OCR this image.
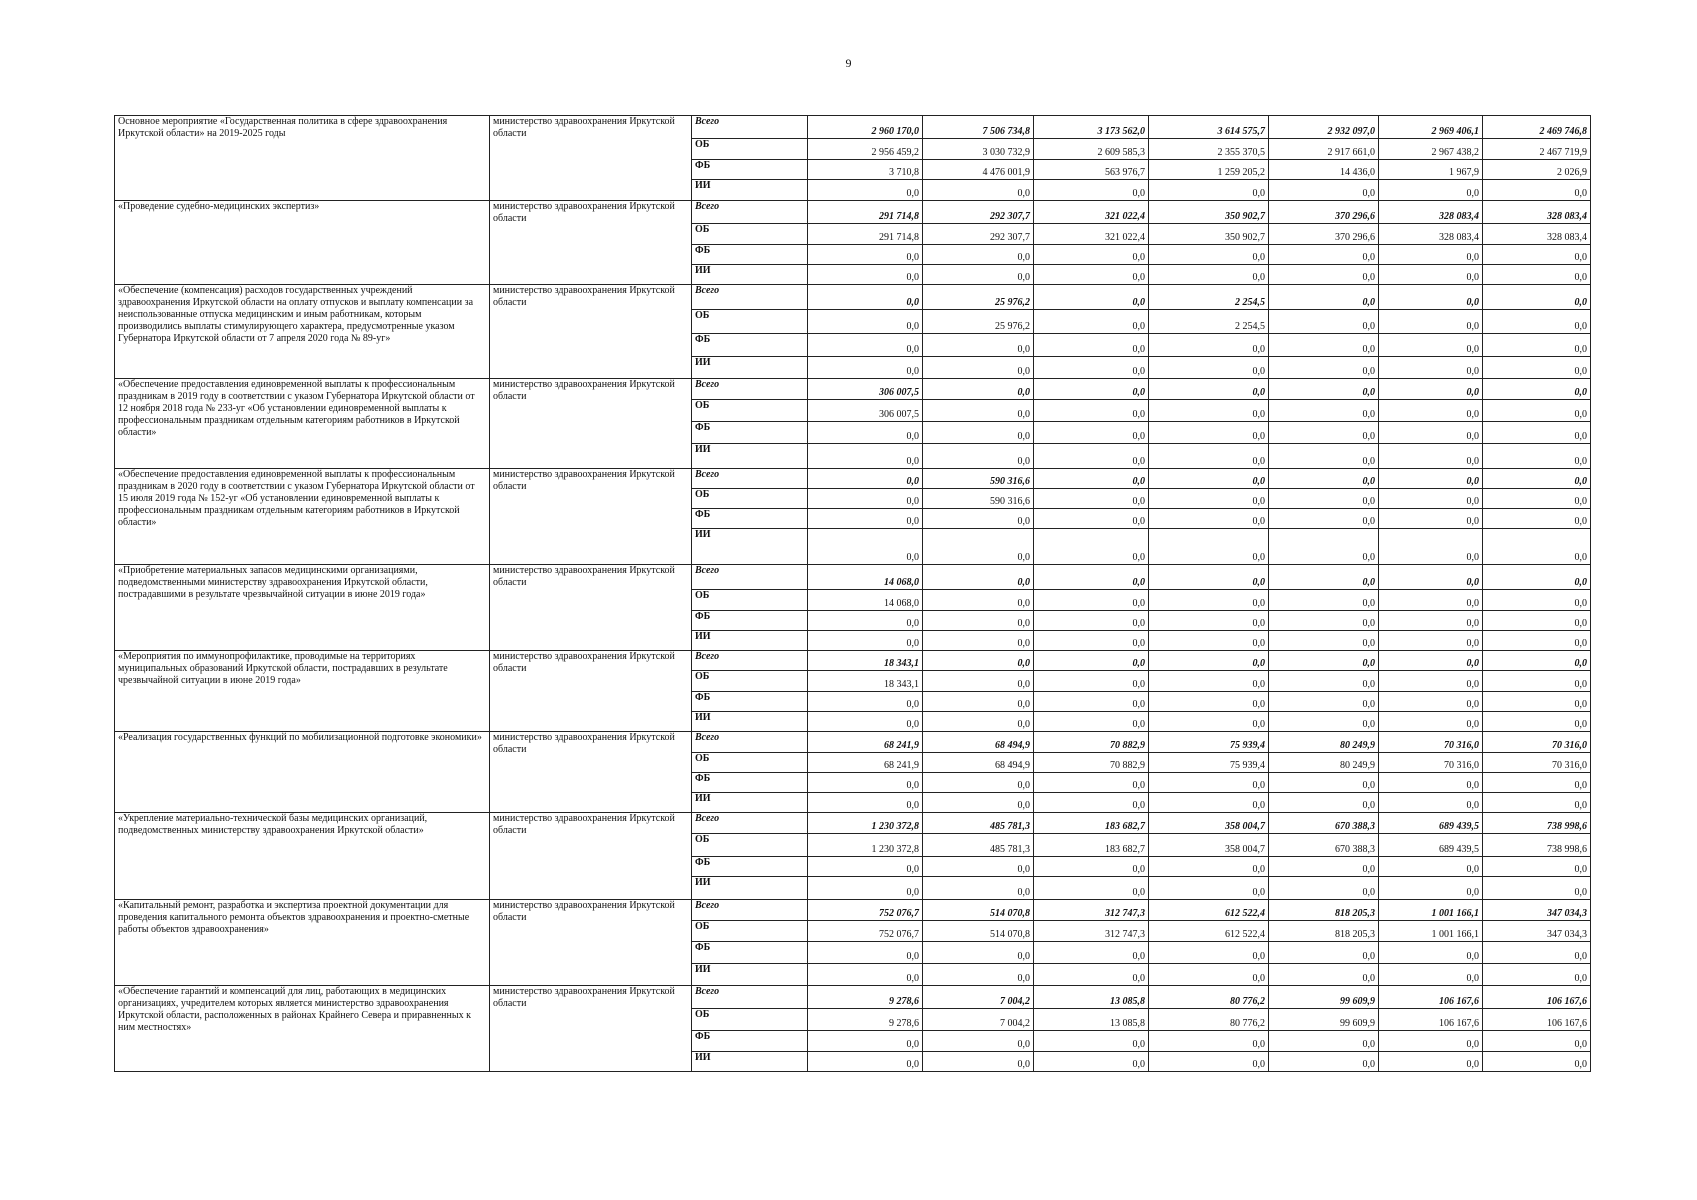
9
Основное мероприятие «Государственная политика в сфере здравоохранения Иркутской области» на 2019-2025 годы	министерство здравоохранения Иркутской области	Всего	2 960 170,0	7 506 734,8	3 173 562,0	3 614 575,7	2 932 097,0	2 969 406,1	2 469 746,8
		ОБ	2 956 459,2	3 030 732,9	2 609 585,3	2 355 370,5	2 917 661,0	2 967 438,2	2 467 719,9
		ФБ	3 710,8	4 476 001,9	563 976,7	1 259 205,2	14 436,0	1 967,9	2 026,9
		ИИ	0,0	0,0	0,0	0,0	0,0	0,0	0,0
«Проведение судебно-медицинских экспертиз»	министерство здравоохранения Иркутской области	Всего	291 714,8	292 307,7	321 022,4	350 902,7	370 296,6	328 083,4	328 083,4
		ОБ	291 714,8	292 307,7	321 022,4	350 902,7	370 296,6	328 083,4	328 083,4
		ФБ	0,0	0,0	0,0	0,0	0,0	0,0	0,0
		ИИ	0,0	0,0	0,0	0,0	0,0	0,0	0,0
«Обеспечение (компенсация) расходов государственных учреждений здравоохранения Иркутской области на оплату отпусков и выплату компенсации за неиспользованные отпуска медицинским и иным работникам, которым производились выплаты стимулирующего характера, предусмотренные указом Губернатора Иркутской области от 7 апреля 2020 года № 89-уг»	министерство здравоохранения Иркутской области	Всего	0,0	25 976,2	0,0	2 254,5	0,0	0,0	0,0
		ОБ	0,0	25 976,2	0,0	2 254,5	0,0	0,0	0,0
		ФБ	0,0	0,0	0,0	0,0	0,0	0,0	0,0
		ИИ	0,0	0,0	0,0	0,0	0,0	0,0	0,0
«Обеспечение предоставления единовременной выплаты к профессиональным праздникам в 2019 году в соответствии с указом Губернатора Иркутской области от 12 ноября 2018 года № 233-уг «Об установлении единовременной выплаты к профессиональным праздникам отдельным категориям работников в Иркутской области»	министерство здравоохранения Иркутской области	Всего	306 007,5	0,0	0,0	0,0	0,0	0,0	0,0
		ОБ	306 007,5	0,0	0,0	0,0	0,0	0,0	0,0
		ФБ	0,0	0,0	0,0	0,0	0,0	0,0	0,0
		ИИ	0,0	0,0	0,0	0,0	0,0	0,0	0,0
«Обеспечение предоставления единовременной выплаты к профессиональным праздникам в 2020 году в соответствии с указом Губернатора Иркутской области от 15 июля 2019 года № 152-уг «Об установлении единовременной выплаты к профессиональным праздникам отдельным категориям работников в Иркутской области»	министерство здравоохранения Иркутской области	Всего	0,0	590 316,6	0,0	0,0	0,0	0,0	0,0
		ОБ	0,0	590 316,6	0,0	0,0	0,0	0,0	0,0
		ФБ	0,0	0,0	0,0	0,0	0,0	0,0	0,0
		ИИ	0,0	0,0	0,0	0,0	0,0	0,0	0,0
«Приобретение материальных запасов медицинскими организациями, подведомственными министерству здравоохранения Иркутской области, пострадавшими в результате чрезвычайной ситуации в июне 2019 года»	министерство здравоохранения Иркутской области	Всего	14 068,0	0,0	0,0	0,0	0,0	0,0	0,0
		ОБ	14 068,0	0,0	0,0	0,0	0,0	0,0	0,0
		ФБ	0,0	0,0	0,0	0,0	0,0	0,0	0,0
		ИИ	0,0	0,0	0,0	0,0	0,0	0,0	0,0
«Мероприятия по иммунопрофилактике, проводимые на территориях муниципальных образований Иркутской области, пострадавших в результате чрезвычайной ситуации в июне 2019 года»	министерство здравоохранения Иркутской области	Всего	18 343,1	0,0	0,0	0,0	0,0	0,0	0,0
		ОБ	18 343,1	0,0	0,0	0,0	0,0	0,0	0,0
		ФБ	0,0	0,0	0,0	0,0	0,0	0,0	0,0
		ИИ	0,0	0,0	0,0	0,0	0,0	0,0	0,0
«Реализация государственных функций по мобилизационной подготовке экономики»	министерство здравоохранения Иркутской области	Всего	68 241,9	68 494,9	70 882,9	75 939,4	80 249,9	70 316,0	70 316,0
		ОБ	68 241,9	68 494,9	70 882,9	75 939,4	80 249,9	70 316,0	70 316,0
		ФБ	0,0	0,0	0,0	0,0	0,0	0,0	0,0
		ИИ	0,0	0,0	0,0	0,0	0,0	0,0	0,0
«Укрепление материально-технической базы медицинских организаций, подведомственных министерству здравоохранения Иркутской области»	министерство здравоохранения Иркутской области	Всего	1 230 372,8	485 781,3	183 682,7	358 004,7	670 388,3	689 439,5	738 998,6
		ОБ	1 230 372,8	485 781,3	183 682,7	358 004,7	670 388,3	689 439,5	738 998,6
		ФБ	0,0	0,0	0,0	0,0	0,0	0,0	0,0
		ИИ	0,0	0,0	0,0	0,0	0,0	0,0	0,0
«Капитальный ремонт, разработка и экспертиза проектной документации для проведения капитального ремонта объектов здравоохранения и проектно-сметные работы объектов здравоохранения»	министерство здравоохранения Иркутской области	Всего	752 076,7	514 070,8	312 747,3	612 522,4	818 205,3	1 001 166,1	347 034,3
		ОБ	752 076,7	514 070,8	312 747,3	612 522,4	818 205,3	1 001 166,1	347 034,3
		ФБ	0,0	0,0	0,0	0,0	0,0	0,0	0,0
		ИИ	0,0	0,0	0,0	0,0	0,0	0,0	0,0
«Обеспечение гарантий и компенсаций для лиц, работающих в медицинских организациях, учредителем которых является министерство здравоохранения Иркутской области, расположенных в районах Крайнего Севера и приравненных к ним местностях»	министерство здравоохранения Иркутской области	Всего	9 278,6	7 004,2	13 085,8	80 776,2	99 609,9	106 167,6	106 167,6
		ОБ	9 278,6	7 004,2	13 085,8	80 776,2	99 609,9	106 167,6	106 167,6
		ФБ	0,0	0,0	0,0	0,0	0,0	0,0	0,0
		ИИ	0,0	0,0	0,0	0,0	0,0	0,0	0,0
